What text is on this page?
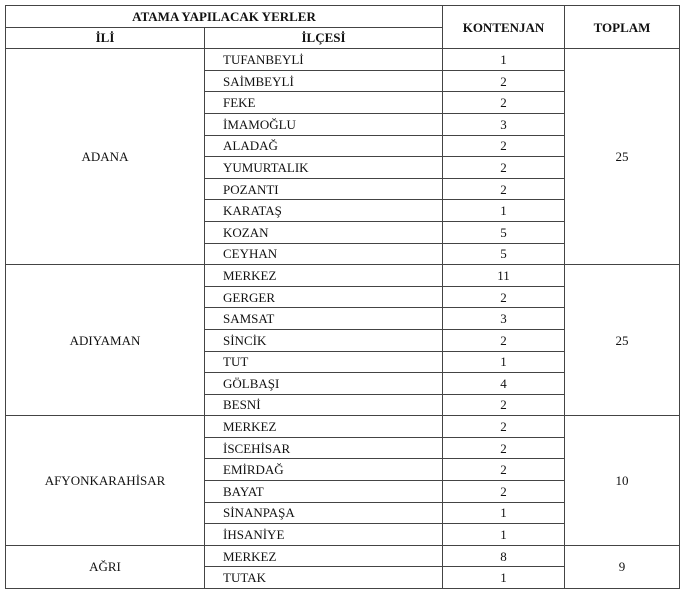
ATAMA YAPILACAK YERLER		KONTENJAN	TOPLAM
İLİ	İLÇESİ		
ADANA	TUFANBEYLİ	1	25
	SAİMBEYLİ	2	
	FEKE	2	
	İMAMOĞLU	3	
	ALADAĞ	2	
	YUMURTALIK	2	
	POZANTI	2	
	KARATAŞ	1	
	KOZAN	5	
	CEYHAN	5	
ADIYAMAN	MERKEZ	11	25
	GERGER	2	
	SAMSAT	3	
	SİNCİK	2	
	TUT	1	
	GÖLBAŞI	4	
	BESNİ	2	
AFYONKARAHİSAR	MERKEZ	2	10
	İSCEHİSAR	2	
	EMİRDAĞ	2	
	BAYAT	2	
	SİNANPAŞA	1	
	İHSANİYE	1	
AĞRI	MERKEZ	8	9
	TUTAK	1	
